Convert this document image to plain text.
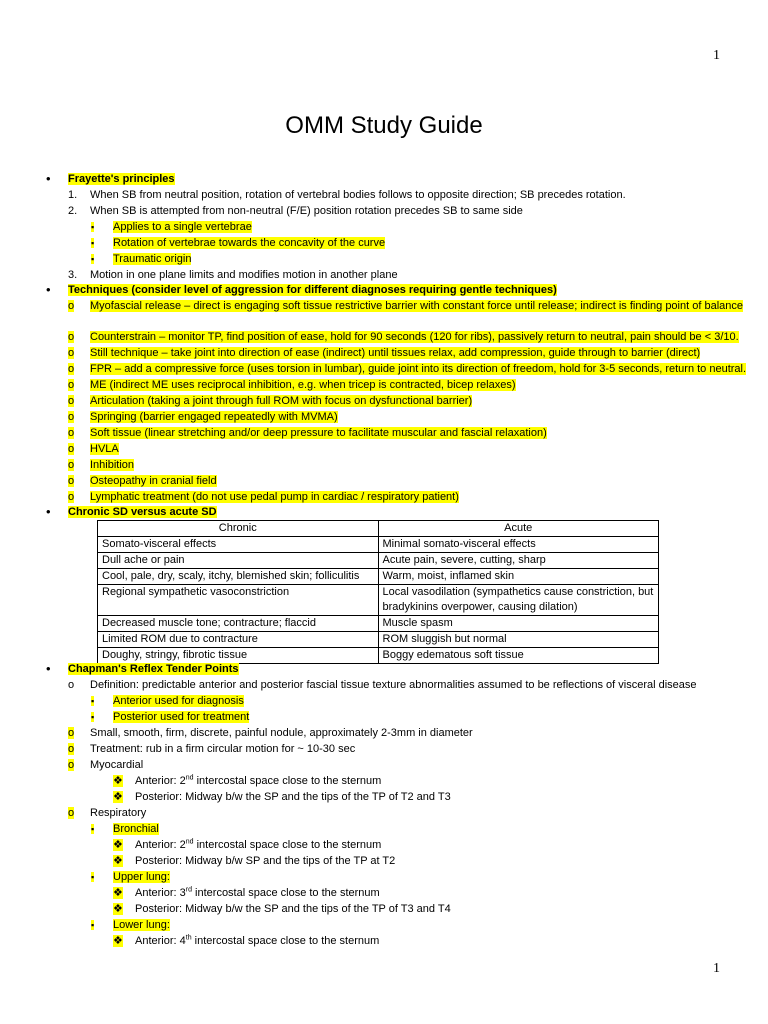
1
OMM Study Guide
• Frayette's principles
1. When SB from neutral position, rotation of vertebral bodies follows to opposite direction; SB precedes rotation.
2. When SB is attempted from non-neutral (F/E) position rotation precedes SB to same side
▪ Applies to a single vertebrae
▪ Rotation of vertebrae towards the concavity of the curve
▪ Traumatic origin
3. Motion in one plane limits and modifies motion in another plane
• Techniques (consider level of aggression for different diagnoses requiring gentle techniques)
o Myofascial release – direct is engaging soft tissue restrictive barrier with constant force until release; indirect is finding point of balance
o Counterstrain – monitor TP, find position of ease, hold for 90 seconds (120 for ribs), passively return to neutral, pain should be < 3/10.
o Still technique – take joint into direction of ease (indirect) until tissues relax, add compression, guide through to barrier (direct)
o FPR – add a compressive force (uses torsion in lumbar), guide joint into its direction of freedom, hold for 3-5 seconds, return to neutral.
o ME (indirect ME uses reciprocal inhibition, e.g. when tricep is contracted, bicep relaxes)
o Articulation (taking a joint through full ROM with focus on dysfunctional barrier)
o Springing (barrier engaged repeatedly with MVMA)
o Soft tissue (linear stretching and/or deep pressure to facilitate muscular and fascial relaxation)
o HVLA
o Inhibition
o Osteopathy in cranial field
o Lymphatic treatment (do not use pedal pump in cardiac / respiratory patient)
• Chronic SD versus acute SD
Chronic	Acute
Somato-visceral effects	Minimal somato-visceral effects
Dull ache or pain	Acute pain, severe, cutting, sharp
Cool, pale, dry, scaly, itchy, blemished skin; folliculitis	Warm, moist, inflamed skin
Regional sympathetic vasoconstriction	Local vasodilation (sympathetics cause constriction, but bradykinins overpower, causing dilation)
Decreased muscle tone; contracture; flaccid	Muscle spasm
Limited ROM due to contracture	ROM sluggish but normal
Doughy, stringy, fibrotic tissue	Boggy edematous soft tissue
• Chapman's Reflex Tender Points
o Definition: predictable anterior and posterior fascial tissue texture abnormalities assumed to be reflections of visceral disease
▪ Anterior used for diagnosis
▪ Posterior used for treatment
o Small, smooth, firm, discrete, painful nodule, approximately 2-3mm in diameter
o Treatment: rub in a firm circular motion for ~ 10-30 sec
o Myocardial
❖ Anterior: 2nd intercostal space close to the sternum
❖ Posterior: Midway b/w the SP and the tips of the TP of T2 and T3
o Respiratory
▪ Bronchial
❖ Anterior: 2nd intercostal space close to the sternum
❖ Posterior: Midway b/w SP and the tips of the TP at T2
▪ Upper lung:
❖ Anterior: 3rd intercostal space close to the sternum
❖ Posterior: Midway b/w the SP and the tips of the TP of T3 and T4
▪ Lower lung:
❖ Anterior: 4th intercostal space close to the sternum
1
